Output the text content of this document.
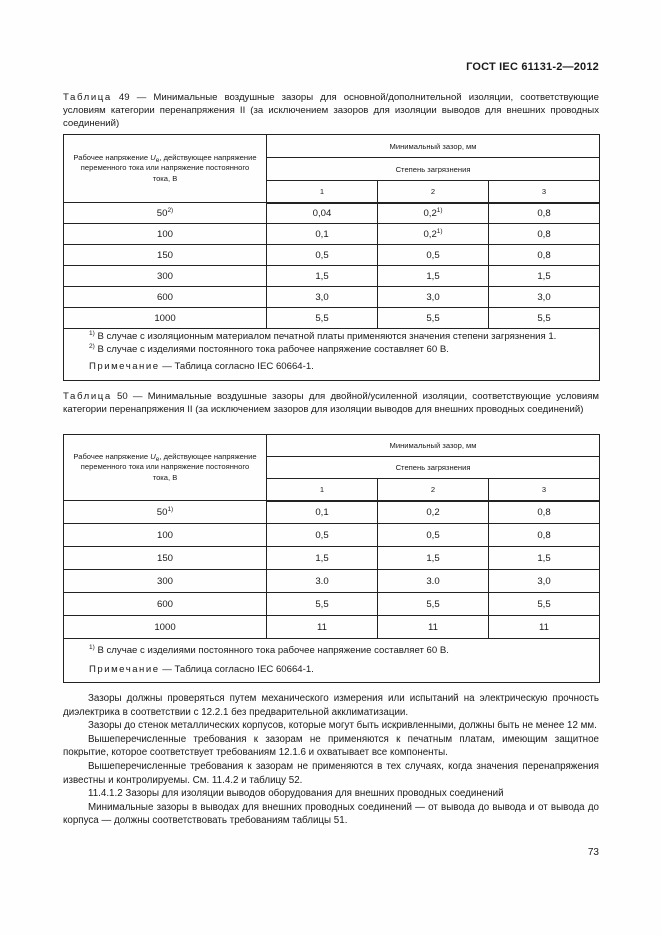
ГОСТ IEC 61131-2—2012
Таблица 49 — Минимальные воздушные зазоры для основной/дополнительной изоляции, соответствующие условиям категории перенапряжения II (за исключением зазоров для изоляции выводов для внешних проводных соединений)
Рабочее напряжение $U_e$, действующее напряжение переменного тока или напряжение постоянного тока, В	Минимальный зазор, мм		
	Степень загрязнения		
	1	2	3
50$^{2)}$	0,04	0,2$^{1)}$	0,8
100	0,1	0,2$^{1)}$	0,8
150	0,5	0,5	0,8
300	1,5	1,5	1,5
600	3,0	3,0	3,0
1000	5,5	5,5	5,5

$^{1)}$ В случае с изоляционным материалом печатной платы применяются значения степени загрязнения 1.
$^{2)}$ В случае с изделиями постоянного тока рабочее напряжение составляет 60 В.
Примечание — Таблица согласно IEC 60664-1.			
Таблица 50 — Минимальные воздушные зазоры для двойной/усиленной изоляции, соответствующие условиям категории перенапряжения II (за исключением зазоров для изоляции выводов для внешних проводных соединений)
Рабочее напряжение $U_e$, действующее напряжение переменного тока или напряжение постоянного тока, В	Минимальный зазор, мм		
	Степень загрязнения		
	1	2	3
50$^{1)}$	0,1	0,2	0,8
100	0,5	0,5	0,8
150	1,5	1,5	1,5
300	3.0	3.0	3,0
600	5,5	5,5	5,5
1000	11	11	11

$^{1)}$ В случае с изделиями постоянного тока рабочее напряжение составляет 60 В.
Примечание — Таблица согласно IEC 60664-1.			

Зазоры должны проверяться путем механического измерения или испытаний на электрическую прочность диэлектрика в соответствии с 12.2.1 без предварительной акклиматизации.

Зазоры до стенок металлических корпусов, которые могут быть искривленными, должны быть не менее 12 мм.

Вышеперечисленные требования к зазорам не применяются к печатным платам, имеющим защитное покрытие, которое соответствует требованиям 12.1.6 и охватывает все компоненты.

Вышеперечисленные требования к зазорам не применяются в тех случаях, когда значения перенапряжения известны и контролируемы. См. 11.4.2 и таблицу 52.

11.4.1.2 Зазоры для изоляции выводов оборудования для внешних проводных соединений

Минимальные зазоры в выводах для внешних проводных соединений — от вывода до вывода и от вывода до корпуса — должны соответствовать требованиям таблицы 51.

73
